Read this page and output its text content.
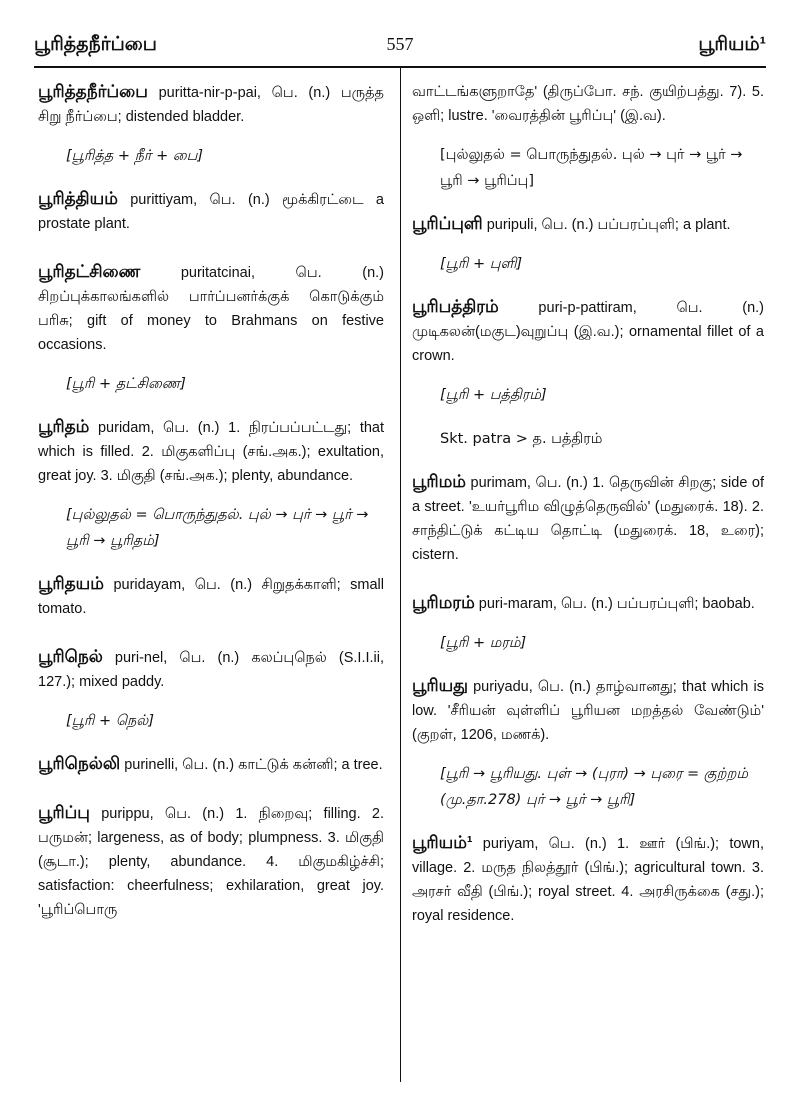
பூரித்தநீர்ப்பை	557	பூரியம்¹
பூரித்தநீர்ப்பை puritta-nir-p-pai, பெ. (n.) பருத்த சிறு நீர்ப்பை; distended bladder.
[பூரித்த + நீர் + பை]
பூரித்தியம் purittiyam, பெ. (n.) மூக்கிரட்டை a prostate plant.
பூரிதட்சிணை puritatcinai, பெ. (n.) சிறப்புக்காலங்களில் பார்ப்பனர்க்குக் கொடுக்கும் பரிசு; gift of money to Brahmans on festive occasions.
[பூரி + தட்சிணை]
பூரிதம் puridam, பெ. (n.) 1. நிரப்பப்பட்டது; that which is filled. 2. மிகுகளிப்பு (சங்.அக.); exultation, great joy. 3. மிகுதி (சங்.அக.); plenty, abundance.
[புல்லுதல் = பொருந்துதல். புல் → புர் → பூர் → பூரி → பூரிதம்]
பூரிதயம் puridayam, பெ. (n.) சிறுதக்காளி; small tomato.
பூரிநெல் puri-nel, பெ. (n.) கலப்புநெல் (S.I.I.ii, 127.); mixed paddy.
[பூரி + நெல்]
பூரிநெல்லி purinelli, பெ. (n.) காட்டுக் கன்னி; a tree.
பூரிப்பு purippu, பெ. (n.) 1. நிறைவு; filling. 2. பருமன்; largeness, as of body; plumpness. 3. மிகுதி (சூடா.); plenty, abundance. 4. மிகுமகிழ்ச்சி; satisfaction: cheerfulness; exhilaration, great joy. 'பூரிப்பொரு
வாட்டங்களுறாதே' (திருப்போ. சந். குயிற்பத்து. 7). 5. ஒளி; lustre. 'வைரத்தின் பூரிப்பு' (இ.வ).
[புல்லுதல் = பொருந்துதல். புல் → புர் → பூர் → பூரி → பூரிப்பு]
பூரிப்புளி puripuli, பெ. (n.) பப்பரப்புளி; a plant.
[பூரி + புளி]
பூரிபத்திரம் puri-p-pattiram, பெ. (n.) முடிகலன்(மகுட)வுறுப்பு (இ.வ.); ornamental fillet of a crown.
[பூரி + பத்திரம்]
Skt. patra > த. பத்திரம்
பூரிமம் purimam, பெ. (n.) 1. தெருவின் சிறகு; side of a street. 'உயர்பூரிம விழுத்தெருவில்' (மதுரைக். 18). 2. சாந்திட்டுக் கட்டிய தொட்டி (மதுரைக். 18, உரை); cistern.
பூரிமரம் puri-maram, பெ. (n.) பப்பரப்புளி; baobab.
[பூரி + மரம்]
பூரியது puriyadu, பெ. (n.) தாழ்வானது; that which is low. 'சீரியன் வுள்ளிப் பூரியன மறத்தல் வேண்டும்' (குறள், 1206, மணக்).
[பூரி → பூரியது. புள் → (புரா) → புரை = குற்றம் (மு.தா.278) புர் → பூர் → பூரி]
பூரியம்¹ puriyam, பெ. (n.) 1. ஊர் (பிங்.); town, village. 2. மருத நிலத்தூர் (பிங்.); agricultural town. 3. அரசர் வீதி (பிங்.); royal street. 4. அரசிருக்கை (சது.); royal residence.
